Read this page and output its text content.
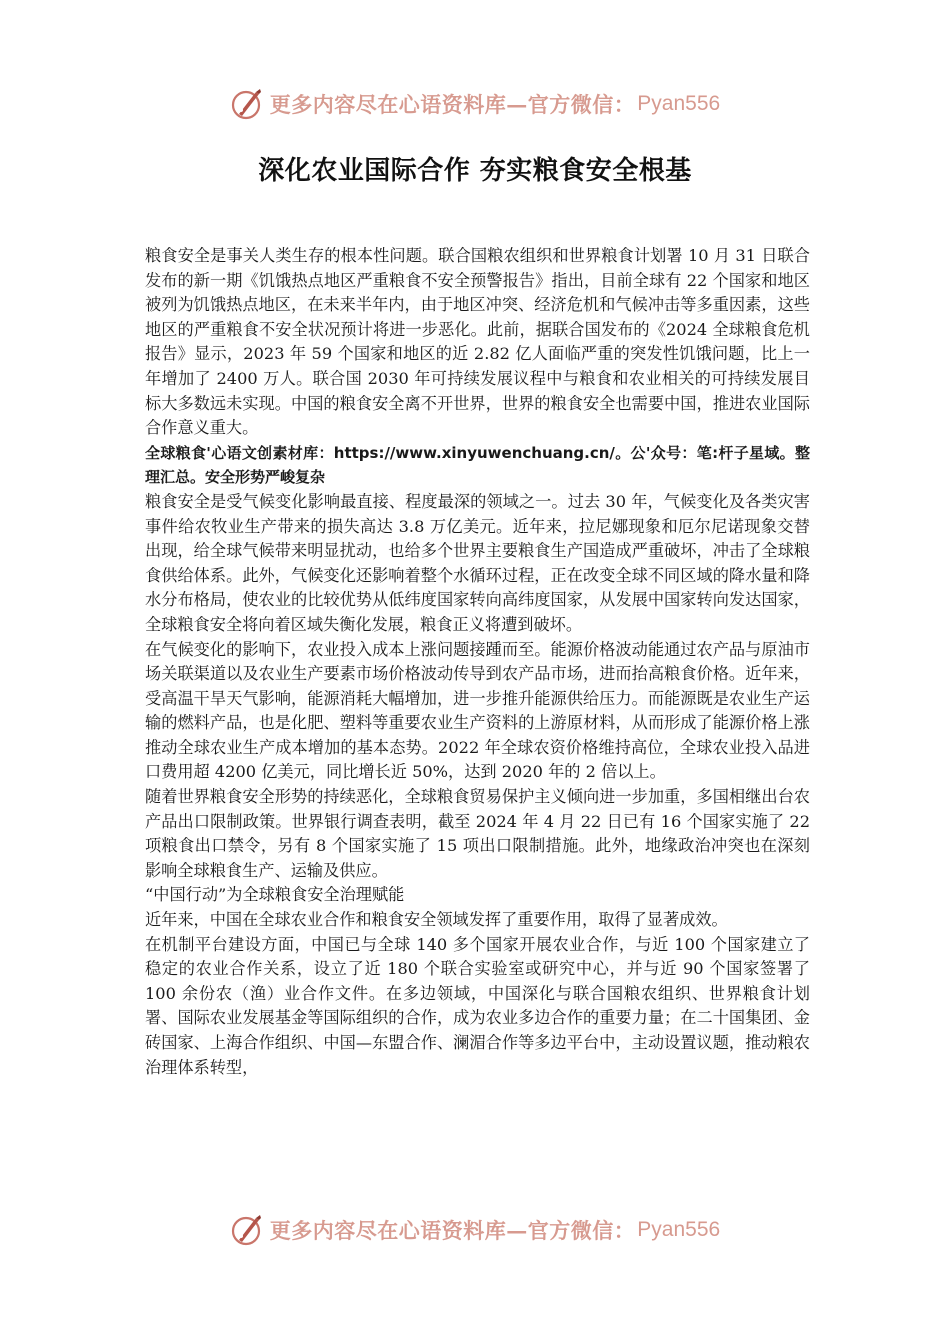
更多内容尽在心语资料库—官方微信： Pyan556
深化农业国际合作 夯实粮食安全根基

粮食安全是事关人类生存的根本性问题。联合国粮农组织和世界粮食计划署 10 月 31 日联合发布的新一期《饥饿热点地区严重粮食不安全预警报告》指出，目前全球有 22 个国家和地区被列为饥饿热点地区，在未来半年内，由于地区冲突、经济危机和气候冲击等多重因素，这些地区的严重粮食不安全状况预计将进一步恶化。此前，据联合国发布的《2024 全球粮食危机报告》显示，2023 年 59 个国家和地区的近 2.82 亿人面临严重的突发性饥饿问题，比上一年增加了 2400 万人。联合国 2030 年可持续发展议程中与粮食和农业相关的可持续发展目标大多数远未实现。中国的粮食安全离不开世界，世界的粮食安全也需要中国，推进农业国际合作意义重大。

全球粮食'心语文创素材库：https://www.xinyuwenchuang.cn/。公'众号：笔:杆子星域。整理汇总。安全形势严峻复杂

粮食安全是受气候变化影响最直接、程度最深的领域之一。过去 30 年，气候变化及各类灾害事件给农牧业生产带来的损失高达 3.8 万亿美元。近年来，拉尼娜现象和厄尔尼诺现象交替出现，给全球气候带来明显扰动，也给多个世界主要粮食生产国造成严重破坏，冲击了全球粮食供给体系。此外，气候变化还影响着整个水循环过程，正在改变全球不同区域的降水量和降水分布格局，使农业的比较优势从低纬度国家转向高纬度国家，从发展中国家转向发达国家，全球粮食安全将向着区域失衡化发展，粮食正义将遭到破坏。

在气候变化的影响下，农业投入成本上涨问题接踵而至。能源价格波动能通过农产品与原油市场关联渠道以及农业生产要素市场价格波动传导到农产品市场，进而抬高粮食价格。近年来，受高温干旱天气影响，能源消耗大幅增加，进一步推升能源供给压力。而能源既是农业生产运输的燃料产品，也是化肥、塑料等重要农业生产资料的上游原材料，从而形成了能源价格上涨推动全球农业生产成本增加的基本态势。2022 年全球农资价格维持高位，全球农业投入品进口费用超 4200 亿美元，同比增长近 50%，达到 2020 年的 2 倍以上。

随着世界粮食安全形势的持续恶化，全球粮食贸易保护主义倾向进一步加重，多国相继出台农产品出口限制政策。世界银行调查表明，截至 2024 年 4 月 22 日已有 16 个国家实施了 22 项粮食出口禁令，另有 8 个国家实施了 15 项出口限制措施。此外，地缘政治冲突也在深刻影响全球粮食生产、运输及供应。

“中国行动”为全球粮食安全治理赋能

近年来，中国在全球农业合作和粮食安全领域发挥了重要作用，取得了显著成效。

在机制平台建设方面，中国已与全球 140 多个国家开展农业合作，与近 100 个国家建立了稳定的农业合作关系，设立了近 180 个联合实验室或研究中心，并与近 90 个国家签署了 100 余份农（渔）业合作文件。在多边领域，中国深化与联合国粮农组织、世界粮食计划署、国际农业发展基金等国际组织的合作，成为农业多边合作的重要力量；在二十国集团、金砖国家、上海合作组织、中国—东盟合作、澜湄合作等多边平台中，主动设置议题，推动粮农治理体系转型，

更多内容尽在心语资料库—官方微信： Pyan556
